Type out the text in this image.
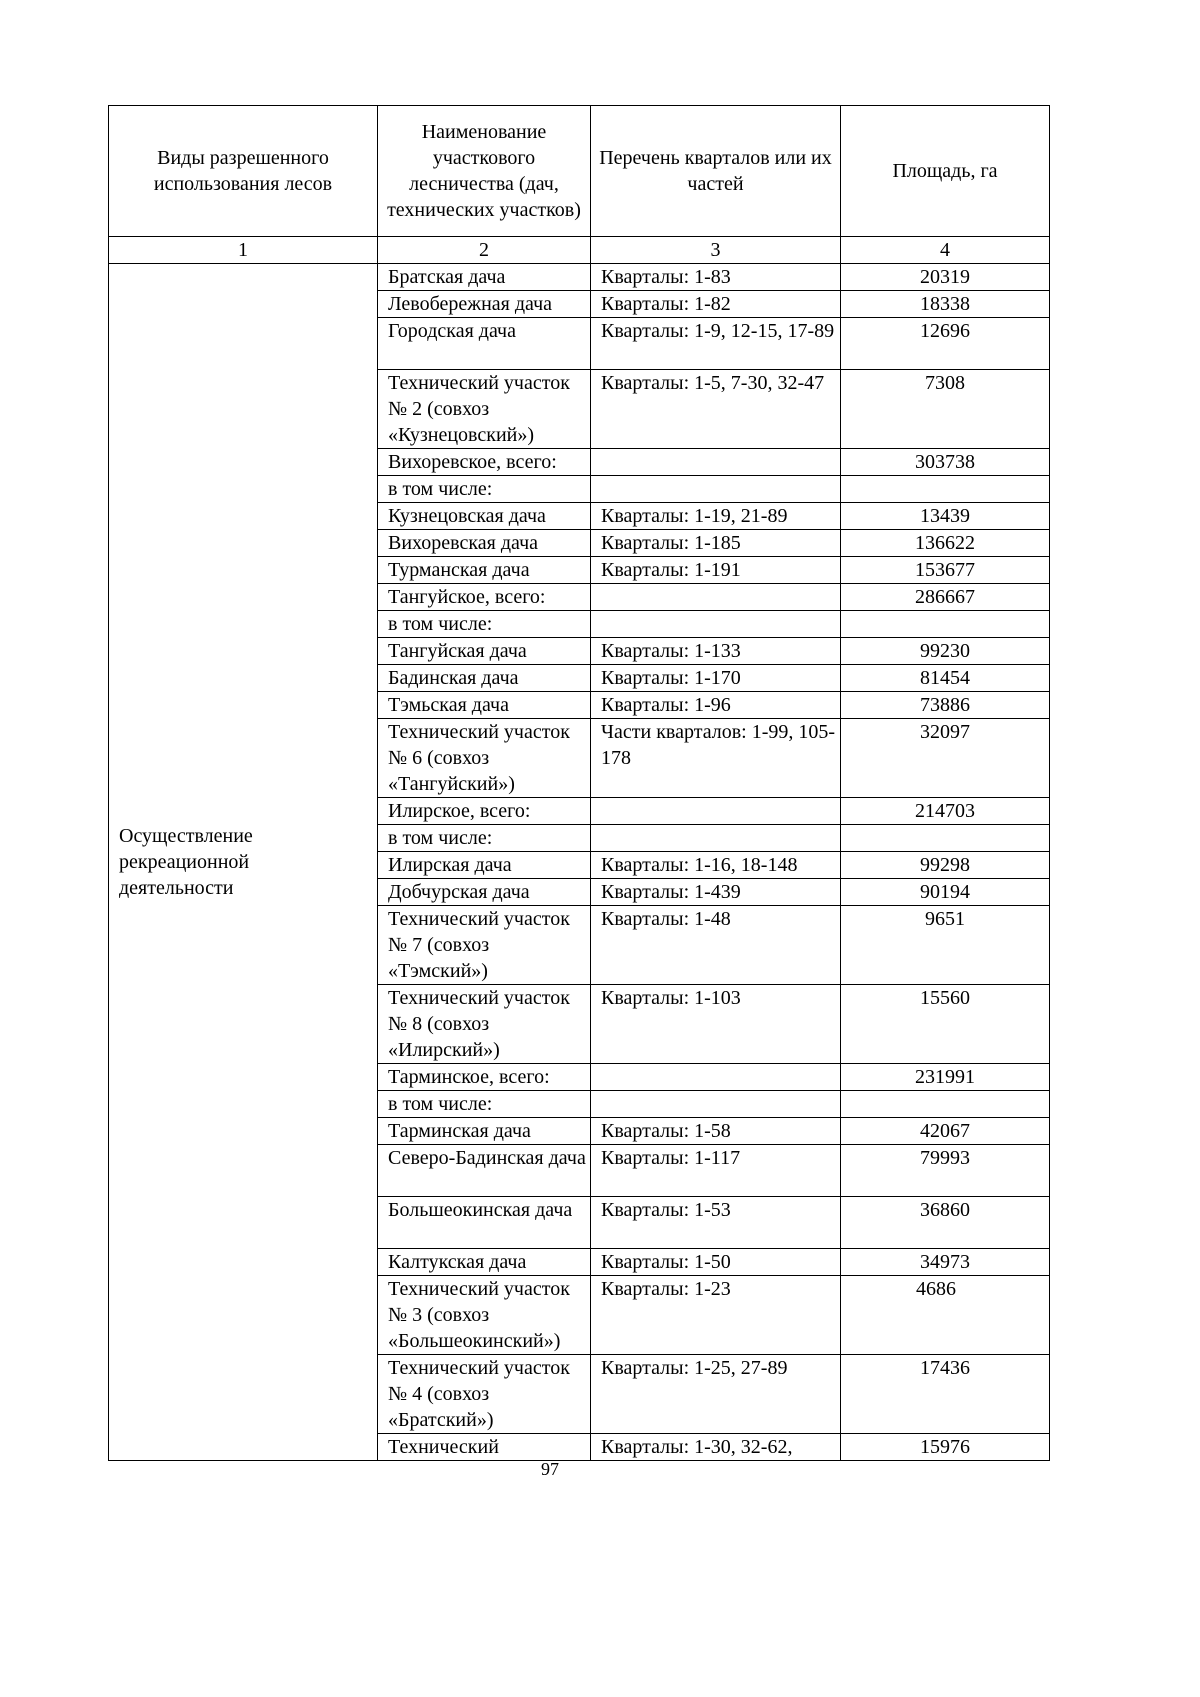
Виды разрешенного использования лесов	Наименование участкового лесничества (дач, технических участков)	Перечень кварталов или их частей	Площадь, га
1	2	3	4
Осуществление рекреационной деятельности	Братская дача	Кварталы: 1-83	20319
	Левобережная дача	Кварталы: 1-82	18338
	Городская дача	Кварталы: 1-9, 12-15, 17-89	12696
	Технический участок № 2 (совхоз «Кузнецовский»)	Кварталы: 1-5, 7-30, 32-47	7308
	Вихоревское, всего:		303738
	в том числе:		
	Кузнецовская дача	Кварталы: 1-19, 21-89	13439
	Вихоревская дача	Кварталы: 1-185	136622
	Турманская дача	Кварталы: 1-191	153677
	Тангуйское, всего:		286667
	в том числе:		
	Тангуйская дача	Кварталы: 1-133	99230
	Бадинская дача	Кварталы: 1-170	81454
	Тэмьская дача	Кварталы: 1-96	73886
	Технический участок № 6 (совхоз «Тангуйский»)	Части кварталов: 1-99, 105-178	32097
	Илирское, всего:		214703
	в том числе:		
	Илирская дача	Кварталы: 1-16, 18-148	99298
	Добчурская дача	Кварталы: 1-439	90194
	Технический участок № 7 (совхоз «Тэмский»)	Кварталы: 1-48	9651
	Технический участок № 8 (совхоз «Илирский»)	Кварталы: 1-103	15560
	Тарминское, всего:		231991
	в том числе:		
	Тарминская дача	Кварталы: 1-58	42067
	Северо-Бадинская дача	Кварталы: 1-117	79993
	Большеокинская дача	Кварталы: 1-53	36860
	Калтукская дача	Кварталы: 1-50	34973
	Технический участок № 3 (совхоз «Большеокинский»)	Кварталы: 1-23	4686
	Технический участок № 4 (совхоз «Братский»)	Кварталы: 1-25, 27-89	17436
	Технический	Кварталы: 1-30, 32-62,	15976
97
